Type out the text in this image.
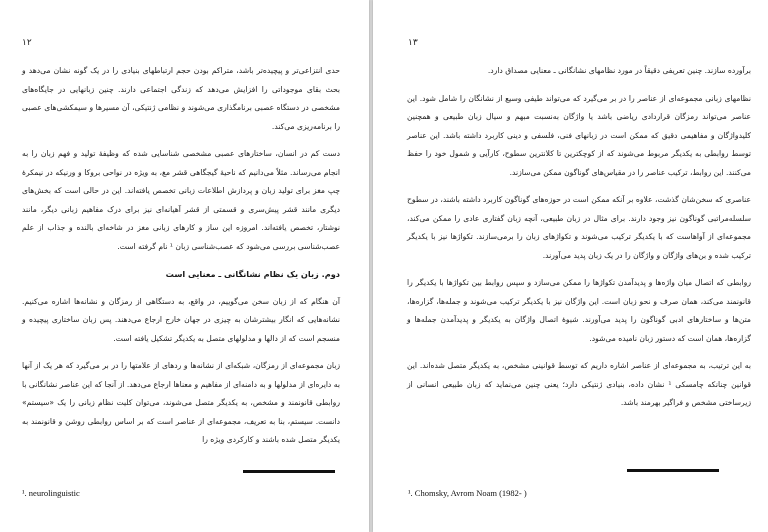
۱۲

حدی انتزاعی‌تر و پیچیده‌تر باشد، متراکم بودن حجم ارتباطهای بنیادی را در یک گونه نشان می‌دهد و بحث بقای موجوداتی را افزایش می‌دهد که زندگی اجتماعی دارند. چنین زبانهایی در جایگاه‌های مشخصی در دستگاه عصبی برنامگذاری می‌شوند و نظامی ژنتیکی، آن مسیرها و سیمکشی‌های عصبی را برنامه‌ریزی می‌کند.

دست کم در انسان، ساختارهای عصبی مشخصی شناسایی شده که وظیفهٔ تولید و فهم زبان را به انجام می‌رساند. مثلاً می‌دانیم که ناحیهٔ گیجگاهی قشر مغ، به ویژه در نواحی بروکا و ورنیکه در نیمکرهٔ چپ مغز برای تولید زبان و پردازش اطلاعات زبانی تخصص یافته‌اند. این در حالی است که بخش‌های دیگری مانند قشر پیش‌سری و قسمتی از قشر آهیانه‌ای نیز برای درک مفاهیم زبانی دیگر، مانند نوشتار، تخصص یافته‌اند. امروزه این ساز و کارهای زبانی مغز در شاخه‌ای بالنده و جذاب از علم عصب‌شناسی بررسی می‌شود که عصب‌شناسی زبان ¹ نام گرفته است.

دوم. زبان یک نظام نشانگانی ـ معنایی است

آن هنگام که از زبان سخن می‌گوییم، در واقع، به دستگاهی از رمزگان و نشانه‌ها اشاره می‌کنیم. نشانه‌هایی که انگار بیشترشان به چیزی در جهان خارج ارجاع می‌دهند. پس زبان ساختاری پیچیده و منسجم است که از دالها و مدلولهای متصل به یکدیگر تشکیل یافته است.

زبان مجموعه‌ای از رمزگان، شبکه‌ای از نشانه‌ها و ردهای از علامتها را در بر می‌گیرد که هر یک از آنها به دایره‌ای از مدلولها و به دامنه‌ای از مفاهیم و معناها ارجاع می‌دهد. از آنجا که این عناصر نشانگانی با روابطی قانونمند و مشخص، به یکدیگر متصل می‌شوند، می‌توان کلیت نظام زبانی را یک «سیستم» دانست. سیستم، بنا به تعریف، مجموعه‌ای از عناصر است که بر اساس روابطی روشن و قانونمند به یکدیگر متصل شده باشند و کارکردی ویژه را

¹. neurolinguistic
۱۳

برآورده سازند. چنین تعریفی دقیقاً در مورد نظامهای نشانگانی ـ معنایی مصداق دارد.

نظامهای زبانی مجموعه‌ای از عناصر را در بر می‌گیرد که می‌تواند طیفی وسیع از نشانگان را شامل شود. این عناصر می‌تواند رمزگان قراردادی ریاضی باشد یا واژگان به‌نسبت مبهم و سیال زبان طبیعی و همچنین کلیدواژگان و مفاهیمی دقیق که ممکن است در زبانهای فنی، فلسفی و دینی کاربرد داشته باشد. این عناصر توسط روابطی به یکدیگر مربوط می‌شوند که از کوچکترین تا کلانترین سطوح، کارآیی و شمول خود را حفظ می‌کنند. این روابط، ترکیب عناصر را در مقیاس‌های گوناگون ممکن می‌سازند.

عناصری که سخن‌شان گذشت، علاوه بر آنکه ممکن است در حوزه‌های گوناگون کاربرد داشته باشند، در سطوح سلسله‌مراتبی گوناگون نیز وجود دارند. برای مثال در زبان طبیعی، آنچه زبان گفتاری عادی را ممکن می‌کند، مجموعه‌ای از آواهاست که با یکدیگر ترکیب می‌شوند و تکواژهای زبان را برمی‌سازند. تکواژها نیز با یکدیگر ترکیب شده و بن‌های واژگان و واژگان را در یک زبان پدید می‌آورند.

روابطی که اتصال میان واژه‌ها و پدیدآمدن تکواژها را ممکن می‌سازد و سپس روابط بین تکواژها با یکدیگر را قانونمند می‌کند، همان صرف و نحو زبان است. این واژگان نیز با یکدیگر ترکیب می‌شوند و جمله‌ها، گزاره‌ها، متن‌ها و ساختارهای ادبی گوناگون را پدید می‌آورند. شیوهٔ اتصال واژگان به یکدیگر و پدیدآمدن جمله‌ها و گزاره‌ها، همان است که دستور زبان نامیده می‌شود.

به این ترتیب، به مجموعه‌ای از عناصر اشاره داریم که توسط قوانینی مشخص، به یکدیگر متصل شده‌اند. این قوانین چنانکه چامسکی ¹ نشان داده، بنیادی ژنتیکی دارد؛ یعنی چنین می‌نماید که زبان طبیعی انسانی از زیرساختی مشخص و فراگیر بهرمند باشد.

¹. Chomsky, Avrom Noam (1982- )
